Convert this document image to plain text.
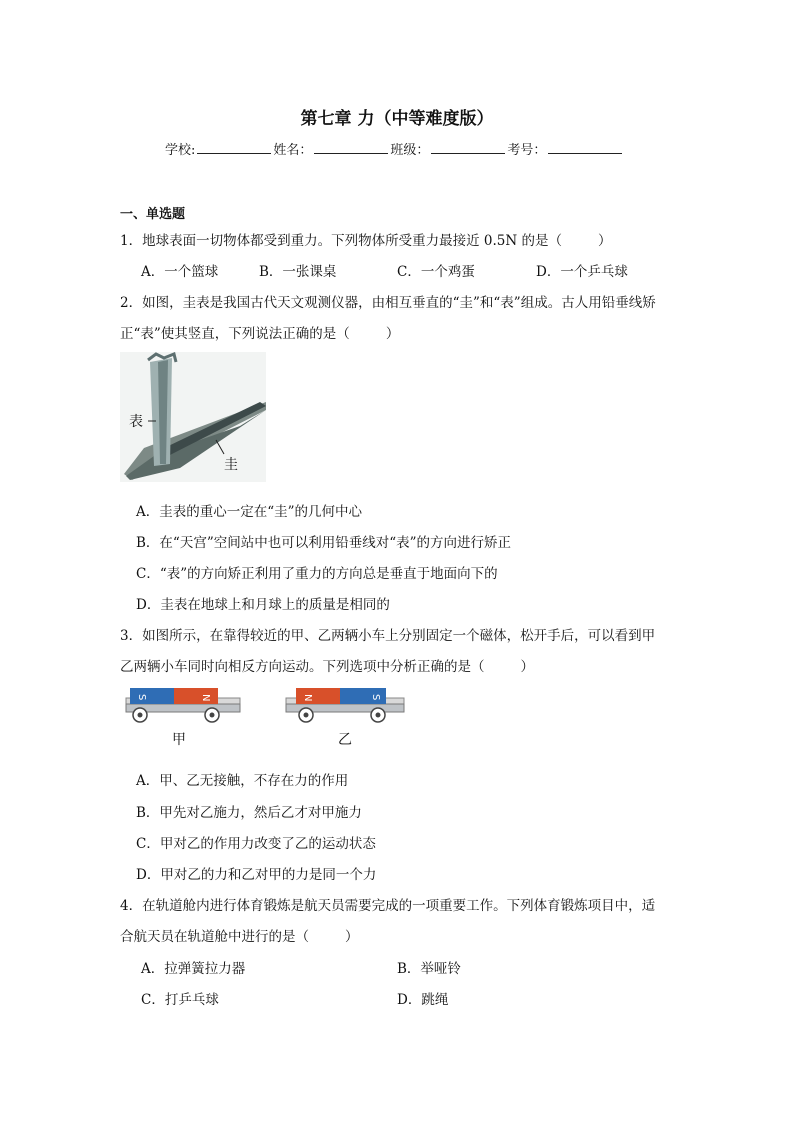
第七章 力（中等难度版）
学校:	姓名：	班级：	考号：
一、单选题
1．地球表面一切物体都受到重力。下列物体所受重力最接近 0.5N 的是（	）
A．一个篮球	B．一张课桌	C．一个鸡蛋	D．一个乒乓球
2．如图，圭表是我国古代天文观测仪器，由相互垂直的“圭”和“表”组成。古人用铅垂线矫
正“表”使其竖直，下列说法正确的是（	）
表
圭
A．圭表的重心一定在“圭”的几何中心
B．在“天宫”空间站中也可以利用铅垂线对“表”的方向进行矫正
C．“表”的方向矫正利用了重力的方向总是垂直于地面向下的
D．圭表在地球上和月球上的质量是相同的
3．如图所示，在靠得较近的甲、乙两辆小车上分别固定一个磁体，松开手后，可以看到甲
乙两辆小车同时向相反方向运动。下列选项中分析正确的是（	）
S	N
甲
N	S
乙
A．甲、乙无接触，不存在力的作用
B．甲先对乙施力，然后乙才对甲施力
C．甲对乙的作用力改变了乙的运动状态
D．甲对乙的力和乙对甲的力是同一个力
4．在轨道舱内进行体育锻炼是航天员需要完成的一项重要工作。下列体育锻炼项目中，适
合航天员在轨道舱中进行的是（	）
A．拉弹簧拉力器	B．举哑铃
C．打乒乓球	D．跳绳
